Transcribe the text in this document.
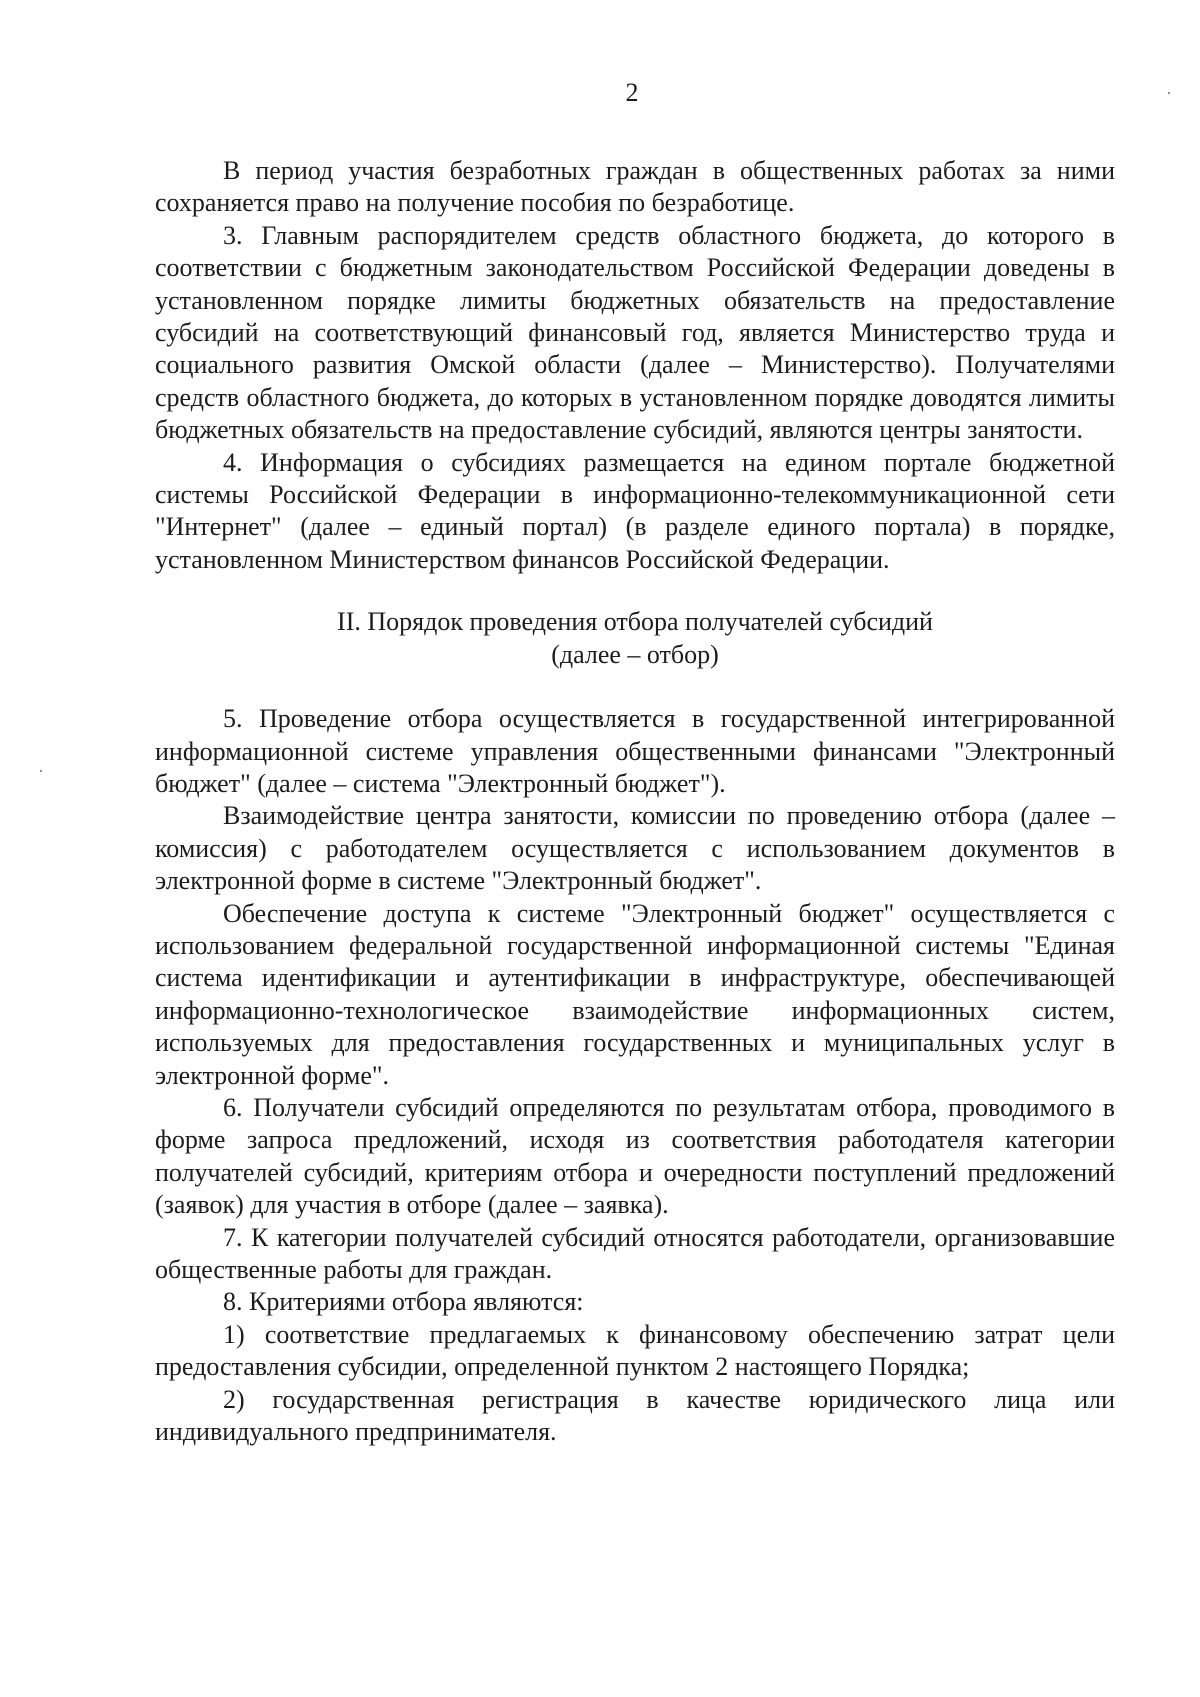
2

В период участия безработных граждан в общественных работах за ними сохраняется право на получение пособия по безработице.

3. Главным распорядителем средств областного бюджета, до которого в соответствии с бюджетным законодательством Российской Федерации доведены в установленном порядке лимиты бюджетных обязательств на предоставление субсидий на соответствующий финансовый год, является Министерство труда и социального развития Омской области (далее – Министерство). Получателями средств областного бюджета, до которых в установленном порядке доводятся лимиты бюджетных обязательств на предоставление субсидий, являются центры занятости.

4. Информация о субсидиях размещается на едином портале бюджетной системы Российской Федерации в информационно-телекоммуникационной сети "Интернет" (далее – единый портал) (в разделе единого портала) в порядке, установленном Министерством финансов Российской Федерации.

II. Порядок проведения отбора получателей субсидий
(далее – отбор)

5. Проведение отбора осуществляется в государственной интегрированной информационной системе управления общественными финансами "Электронный бюджет" (далее – система "Электронный бюджет").

Взаимодействие центра занятости, комиссии по проведению отбора (далее – комиссия) с работодателем осуществляется с использованием документов в электронной форме в системе "Электронный бюджет".

Обеспечение доступа к системе "Электронный бюджет" осуществляется с использованием федеральной государственной информационной системы "Единая система идентификации и аутентификации в инфраструктуре, обеспечивающей информационно-технологическое взаимодействие информационных систем, используемых для предоставления государственных и муниципальных услуг в электронной форме".

6. Получатели субсидий определяются по результатам отбора, проводимого в форме запроса предложений, исходя из соответствия работодателя категории получателей субсидий, критериям отбора и очередности поступлений предложений (заявок) для участия в отборе (далее – заявка).

7. К категории получателей субсидий относятся работодатели, организовавшие общественные работы для граждан.

8. Критериями отбора являются:

1) соответствие предлагаемых к финансовому обеспечению затрат цели предоставления субсидии, определенной пунктом 2 настоящего Порядка;

2) государственная регистрация в качестве юридического лица или индивидуального предпринимателя.
